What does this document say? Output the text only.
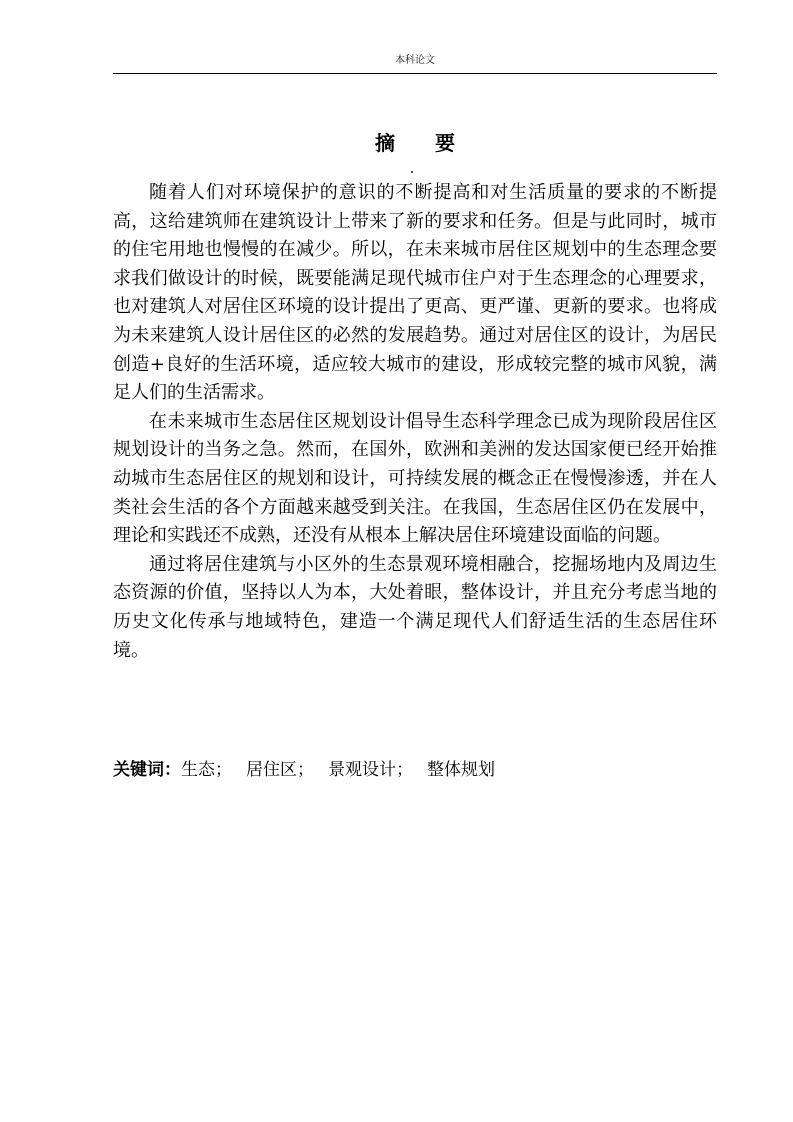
本科论文
摘 要

随着人们对环境保护的意识的不断提高和对生活质量的要求的不断提高，这给建筑师在建筑设计上带来了新的要求和任务。但是与此同时，城市的住宅用地也慢慢的在减少。所以，在未来城市居住区规划中的生态理念要求我们做设计的时候，既要能满足现代城市住户对于生态理念的心理要求，也对建筑人对居住区环境的设计提出了更高、更严谨、更新的要求。也将成为未来建筑人设计居住区的必然的发展趋势。通过对居住区的设计，为居民创造+良好的生活环境，适应较大城市的建设，形成较完整的城市风貌，满足人们的生活需求。

在未来城市生态居住区规划设计倡导生态科学理念已成为现阶段居住区规划设计的当务之急。然而，在国外，欧洲和美洲的发达国家便已经开始推动城市生态居住区的规划和设计，可持续发展的概念正在慢慢渗透，并在人类社会生活的各个方面越来越受到关注。在我国，生态居住区仍在发展中，理论和实践还不成熟，还没有从根本上解决居住环境建设面临的问题。

通过将居住建筑与小区外的生态景观环境相融合，挖掘场地内及周边生态资源的价值，坚持以人为本，大处着眼，整体设计，并且充分考虑当地的历史文化传承与地域特色，建造一个满足现代人们舒适生活的生态居住环境。

关键词：生态； 居住区； 景观设计； 整体规划
